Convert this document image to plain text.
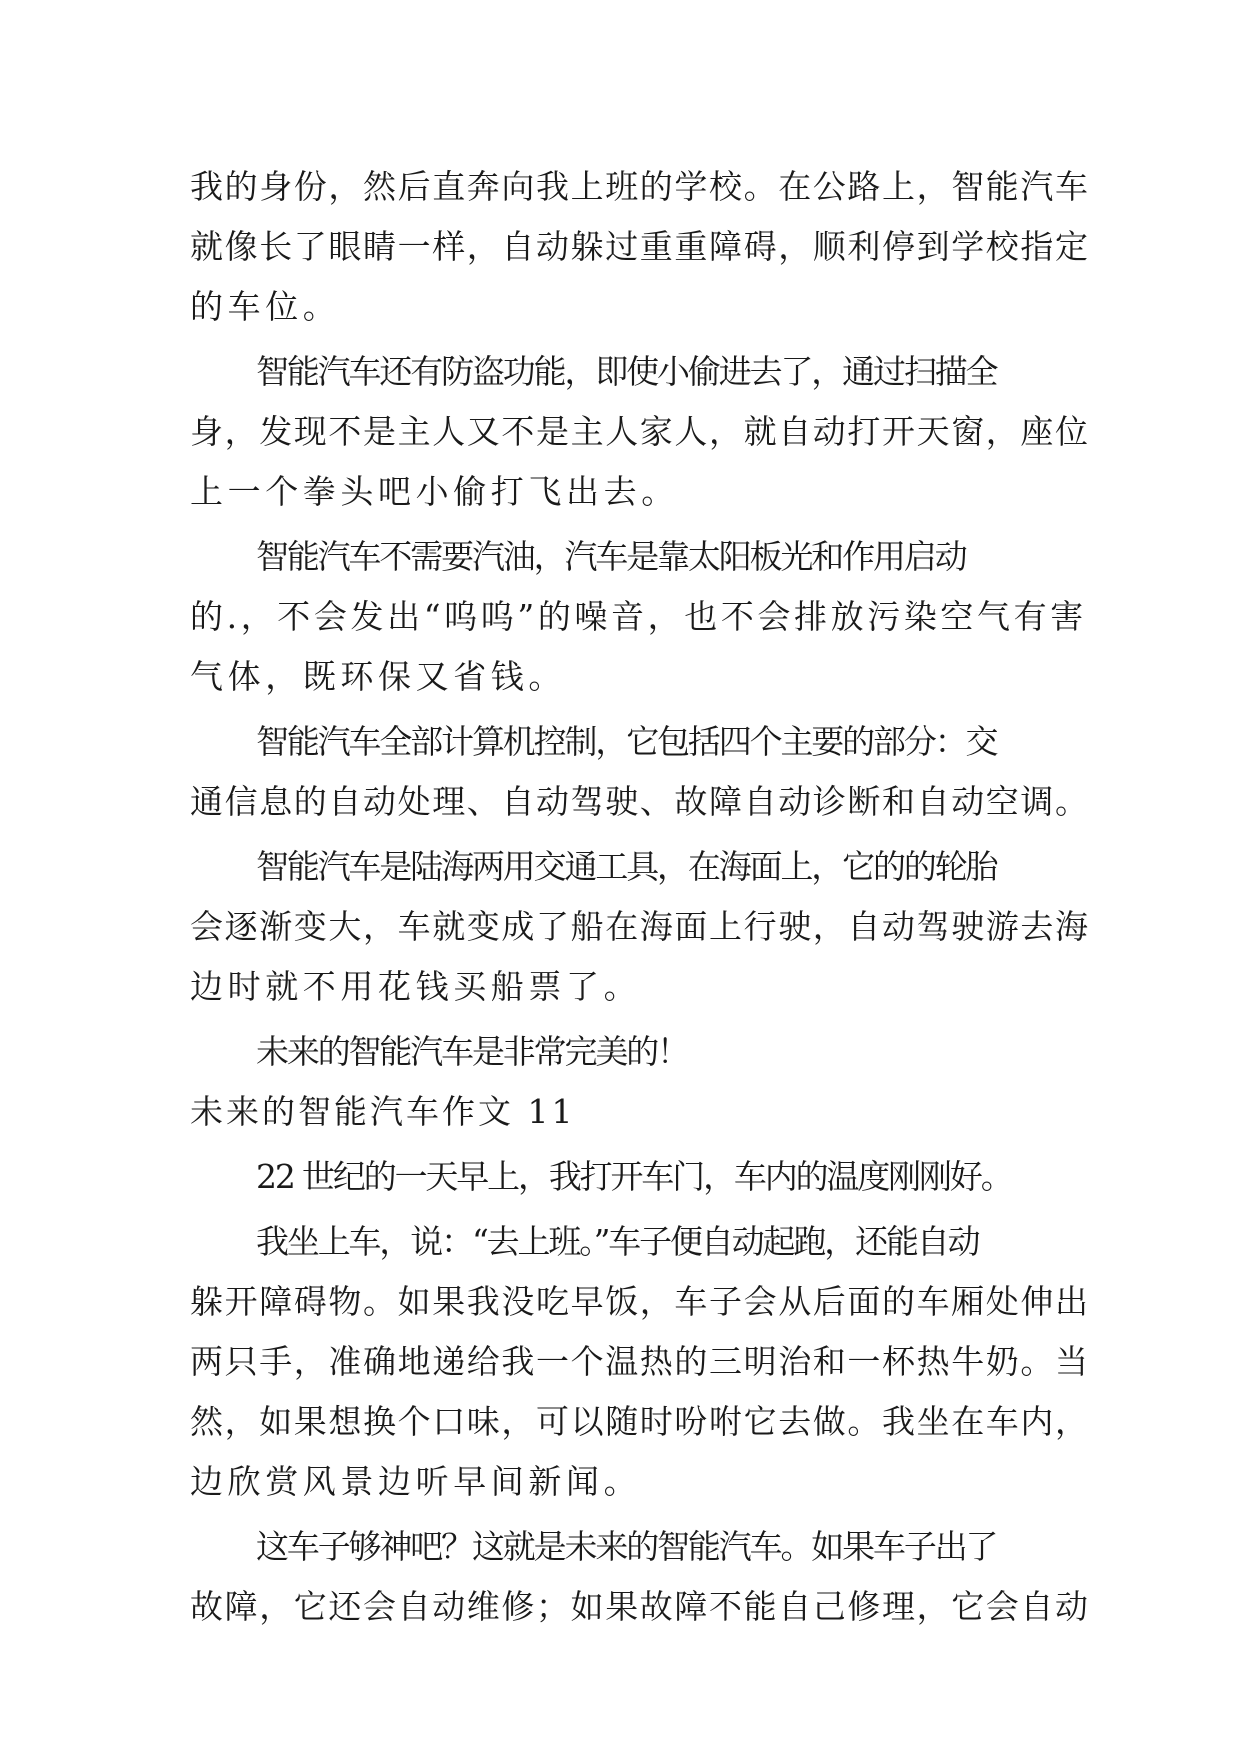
我的身份，然后直奔向我上班的学校。在公路上，智能汽车
就像长了眼睛一样，自动躲过重重障碍，顺利停到学校指定
的车位。
智能汽车还有防盗功能，即使小偷进去了，通过扫描全
身，发现不是主人又不是主人家人，就自动打开天窗，座位
上一个拳头吧小偷打飞出去。
智能汽车不需要汽油，汽车是靠太阳板光和作用启动
的.，不会发出“呜呜”的噪音，也不会排放污染空气有害
气体，既环保又省钱。
智能汽车全部计算机控制，它包括四个主要的部分：交
通信息的自动处理、自动驾驶、故障自动诊断和自动空调。
智能汽车是陆海两用交通工具，在海面上，它的的轮胎
会逐渐变大，车就变成了船在海面上行驶，自动驾驶游去海
边时就不用花钱买船票了。
未来的智能汽车是非常完美的！
未来的智能汽车作文 11
22 世纪的一天早上，我打开车门，车内的温度刚刚好。
我坐上车，说：“去上班。”车子便自动起跑，还能自动
躲开障碍物。如果我没吃早饭，车子会从后面的车厢处伸出
两只手，准确地递给我一个温热的三明治和一杯热牛奶。当
然，如果想换个口味，可以随时吩咐它去做。我坐在车内，
边欣赏风景边听早间新闻。
这车子够神吧？这就是未来的智能汽车。如果车子出了
故障，它还会自动维修；如果故障不能自己修理，它会自动
